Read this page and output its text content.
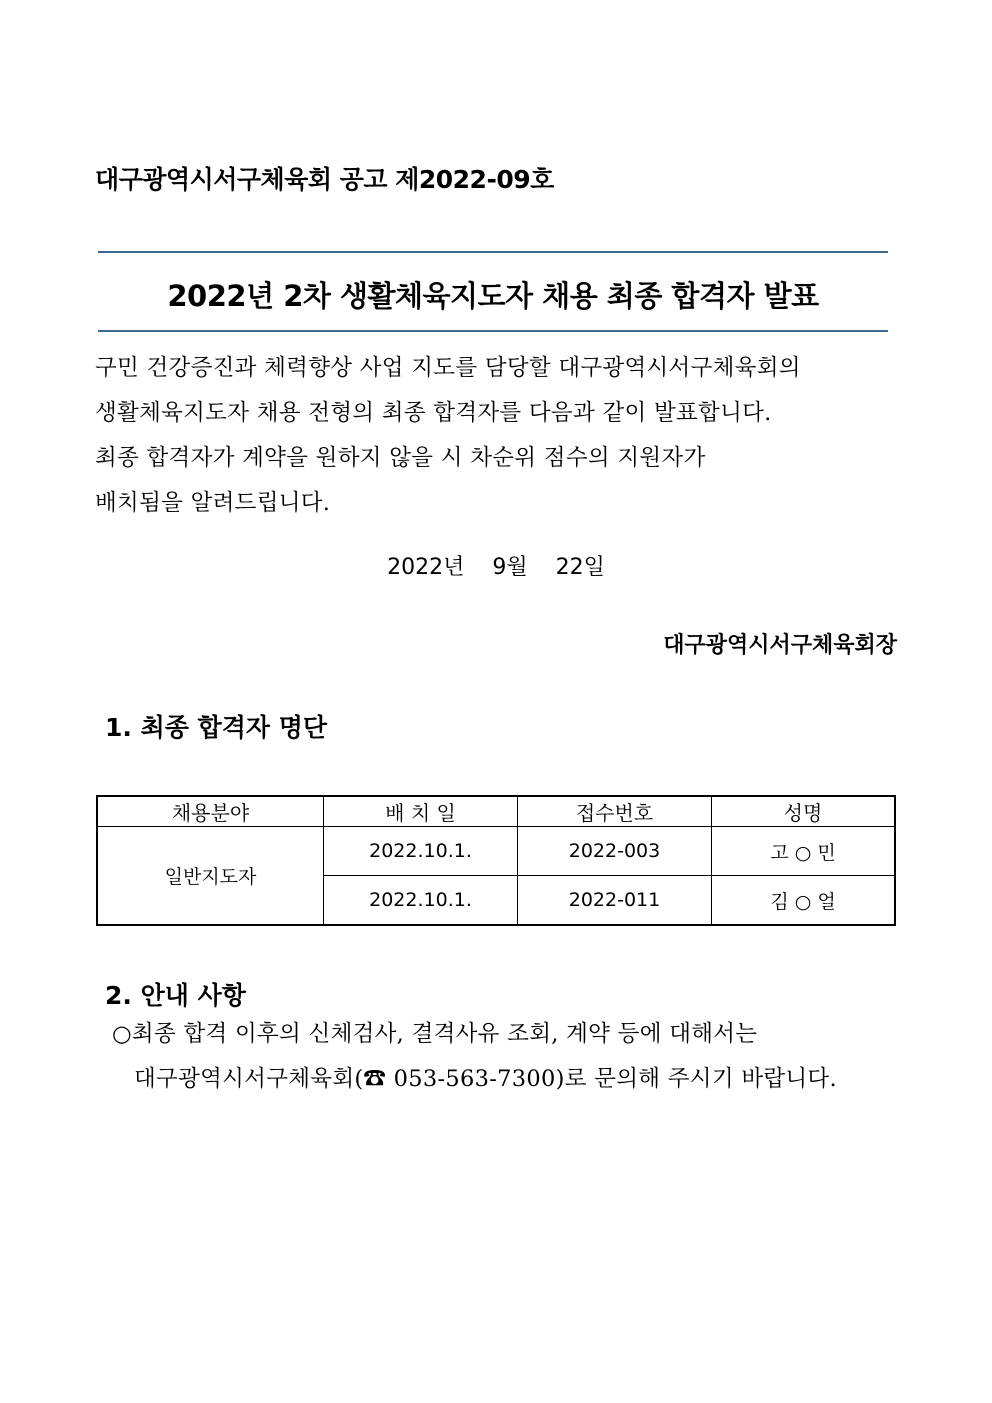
대구광역시서구체육회 공고 제2022-09호
2022년 2차 생활체육지도자 채용 최종 합격자 발표
구민 건강증진과 체력향상 사업 지도를 담당할 대구광역시서구체육회의
생활체육지도자 채용 전형의 최종 합격자를 다음과 같이 발표합니다.
최종 합격자가 계약을 원하지 않을 시 차순위 점수의 지원자가
배치됨을 알려드립니다.
2022년    9월    22일
대구광역시서구체육회장
1. 최종 합격자 명단
채용분야	배 치 일	접수번호	성명
일반지도자	2022.10.1.	2022-003	고 ○ 민
	2022.10.1.	2022-011	김 ○ 얼
2. 안내 사항
○최종 합격 이후의 신체검사, 결격사유 조회, 계약 등에 대해서는
대구광역시서구체육회(☎ 053-563-7300)로 문의해 주시기 바랍니다.
